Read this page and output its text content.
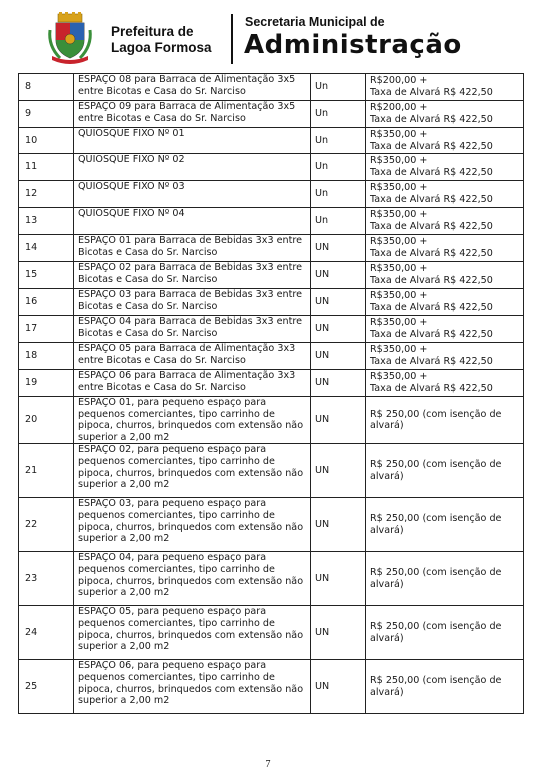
Prefeitura de
Lagoa Formosa
Secretaria Municipal de
Administração
8	ESPAÇO 08 para Barraca de Alimentação 3x5 entre Bicotas e Casa do Sr. Narciso	Un	R$200,00 +
Taxa de Alvará R$ 422,50

9	ESPAÇO 09 para Barraca de Alimentação 3x5 entre Bicotas e Casa do Sr. Narciso	Un	R$200,00 +
Taxa de Alvará R$ 422,50

10	QUIOSQUE FIXO Nº 01	Un	R$350,00 +
Taxa de Alvará R$ 422,50

11	QUIOSQUE FIXO Nº 02	Un	R$350,00 +
Taxa de Alvará R$ 422,50

12	QUIOSQUE FIXO Nº 03	Un	R$350,00 +
Taxa de Alvará R$ 422,50

13	QUIOSQUE FIXO Nº 04	Un	R$350,00 +
Taxa de Alvará R$ 422,50

14	ESPAÇO 01 para Barraca de Bebidas 3x3 entre Bicotas e Casa do Sr. Narciso	UN	R$350,00 +
Taxa de Alvará R$ 422,50

15	ESPAÇO 02 para Barraca de Bebidas 3x3 entre Bicotas e Casa do Sr. Narciso	UN	R$350,00 +
Taxa de Alvará R$ 422,50

16	ESPAÇO 03 para Barraca de Bebidas 3x3 entre Bicotas e Casa do Sr. Narciso	UN	R$350,00 +
Taxa de Alvará R$ 422,50

17	ESPAÇO 04 para Barraca de Bebidas 3x3 entre Bicotas e Casa do Sr. Narciso	UN	R$350,00 +
Taxa de Alvará R$ 422,50

18	ESPAÇO 05 para Barraca de Alimentação 3x3 entre Bicotas e Casa do Sr. Narciso	UN	R$350,00 +
Taxa de Alvará R$ 422,50

19	ESPAÇO 06 para Barraca de Alimentação 3x3 entre Bicotas e Casa do Sr. Narciso	UN	R$350,00 +
Taxa de Alvará R$ 422,50

20	ESPAÇO 01, para pequeno espaço para pequenos comerciantes, tipo carrinho de pipoca, churros, brinquedos com extensão não superior a 2,00 m2	UN	R$ 250,00 (com isenção de alvará)

21	ESPAÇO 02, para pequeno espaço para pequenos comerciantes, tipo carrinho de pipoca, churros, brinquedos com extensão não superior a 2,00 m2	UN	R$ 250,00 (com isenção de alvará)

22	ESPAÇO 03, para pequeno espaço para pequenos comerciantes, tipo carrinho de pipoca, churros, brinquedos com extensão não superior a 2,00 m2	UN	R$ 250,00 (com isenção de alvará)

23	ESPAÇO 04, para pequeno espaço para pequenos comerciantes, tipo carrinho de pipoca, churros, brinquedos com extensão não superior a 2,00 m2	UN	R$ 250,00 (com isenção de alvará)

24	ESPAÇO 05, para pequeno espaço para pequenos comerciantes, tipo carrinho de pipoca, churros, brinquedos com extensão não superior a 2,00 m2	UN	R$ 250,00 (com isenção de alvará)

25	ESPAÇO 06, para pequeno espaço para pequenos comerciantes, tipo carrinho de pipoca, churros, brinquedos com extensão não superior a 2,00 m2	UN	R$ 250,00 (com isenção de alvará)
7
